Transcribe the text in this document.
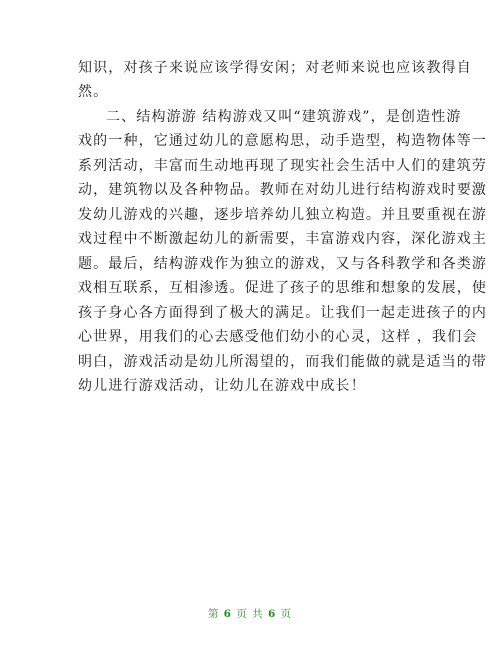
知识，对孩子来说应该学得安闲；对老师来说也应该教得自
然。
二、结构游游 结构游戏又叫“建筑游戏”，是创造性游
戏的一种，它通过幼儿的意愿构思，动手造型，构造物体等一
系列活动，丰富而生动地再现了现实社会生活中人们的建筑劳
动，建筑物以及各种物品。教师在对幼儿进行结构游戏时要激
发幼儿游戏的兴趣，逐步培养幼儿独立构造。并且要重视在游
戏过程中不断激起幼儿的新需要，丰富游戏内容，深化游戏主
题。最后，结构游戏作为独立的游戏，又与各科教学和各类游
戏相互联系，互相渗透。促进了孩子的思维和想象的发展，使
孩子身心各方面得到了极大的满足。让我们一起走进孩子的内
心世界，用我们的心去感受他们幼小的心灵，这样 ，我们会
明白，游戏活动是幼儿所渴望的，而我们能做的就是适当的带
幼儿进行游戏活动，让幼儿在游戏中成长！
第 6 页 共 6 页
